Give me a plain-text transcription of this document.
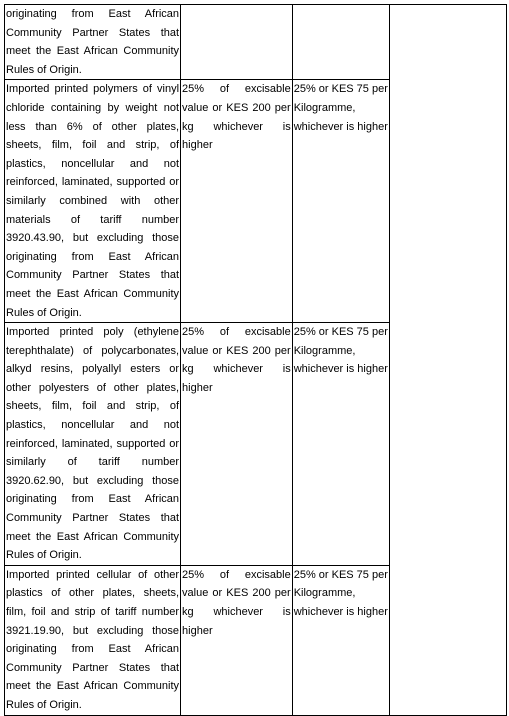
originating from East African Community Partner States that meet the East African Community Rules of Origin.			
Imported printed polymers of vinyl chloride containing by weight not less than 6% of other plates, sheets, film, foil and strip, of plastics, noncellular and not reinforced, laminated, supported or similarly combined with other materials of tariff number 3920.43.90, but excluding those originating from East African Community Partner States that meet the East African Community Rules of Origin.	25% of excisable value or KES 200 per kg whichever is higher	25% or KES 75 per Kilogramme, whichever is higher	
Imported printed poly (ethylene terephthalate) of polycarbonates, alkyd resins, polyallyl esters or other polyesters of other plates, sheets, film, foil and strip, of plastics, noncellular and not reinforced, laminated, supported or similarly of tariff number 3920.62.90, but excluding those originating from East African Community Partner States that meet the East African Community Rules of Origin.	25% of excisable value or KES 200 per kg whichever is higher	25% or KES 75 per Kilogramme, whichever is higher	
Imported printed cellular of other plastics of other plates, sheets, film, foil and strip of tariff number 3921.19.90, but excluding those originating from East African Community Partner States that meet the East African Community Rules of Origin.	25% of excisable value or KES 200 per kg whichever is higher	25% or KES 75 per Kilogramme, whichever is higher	
